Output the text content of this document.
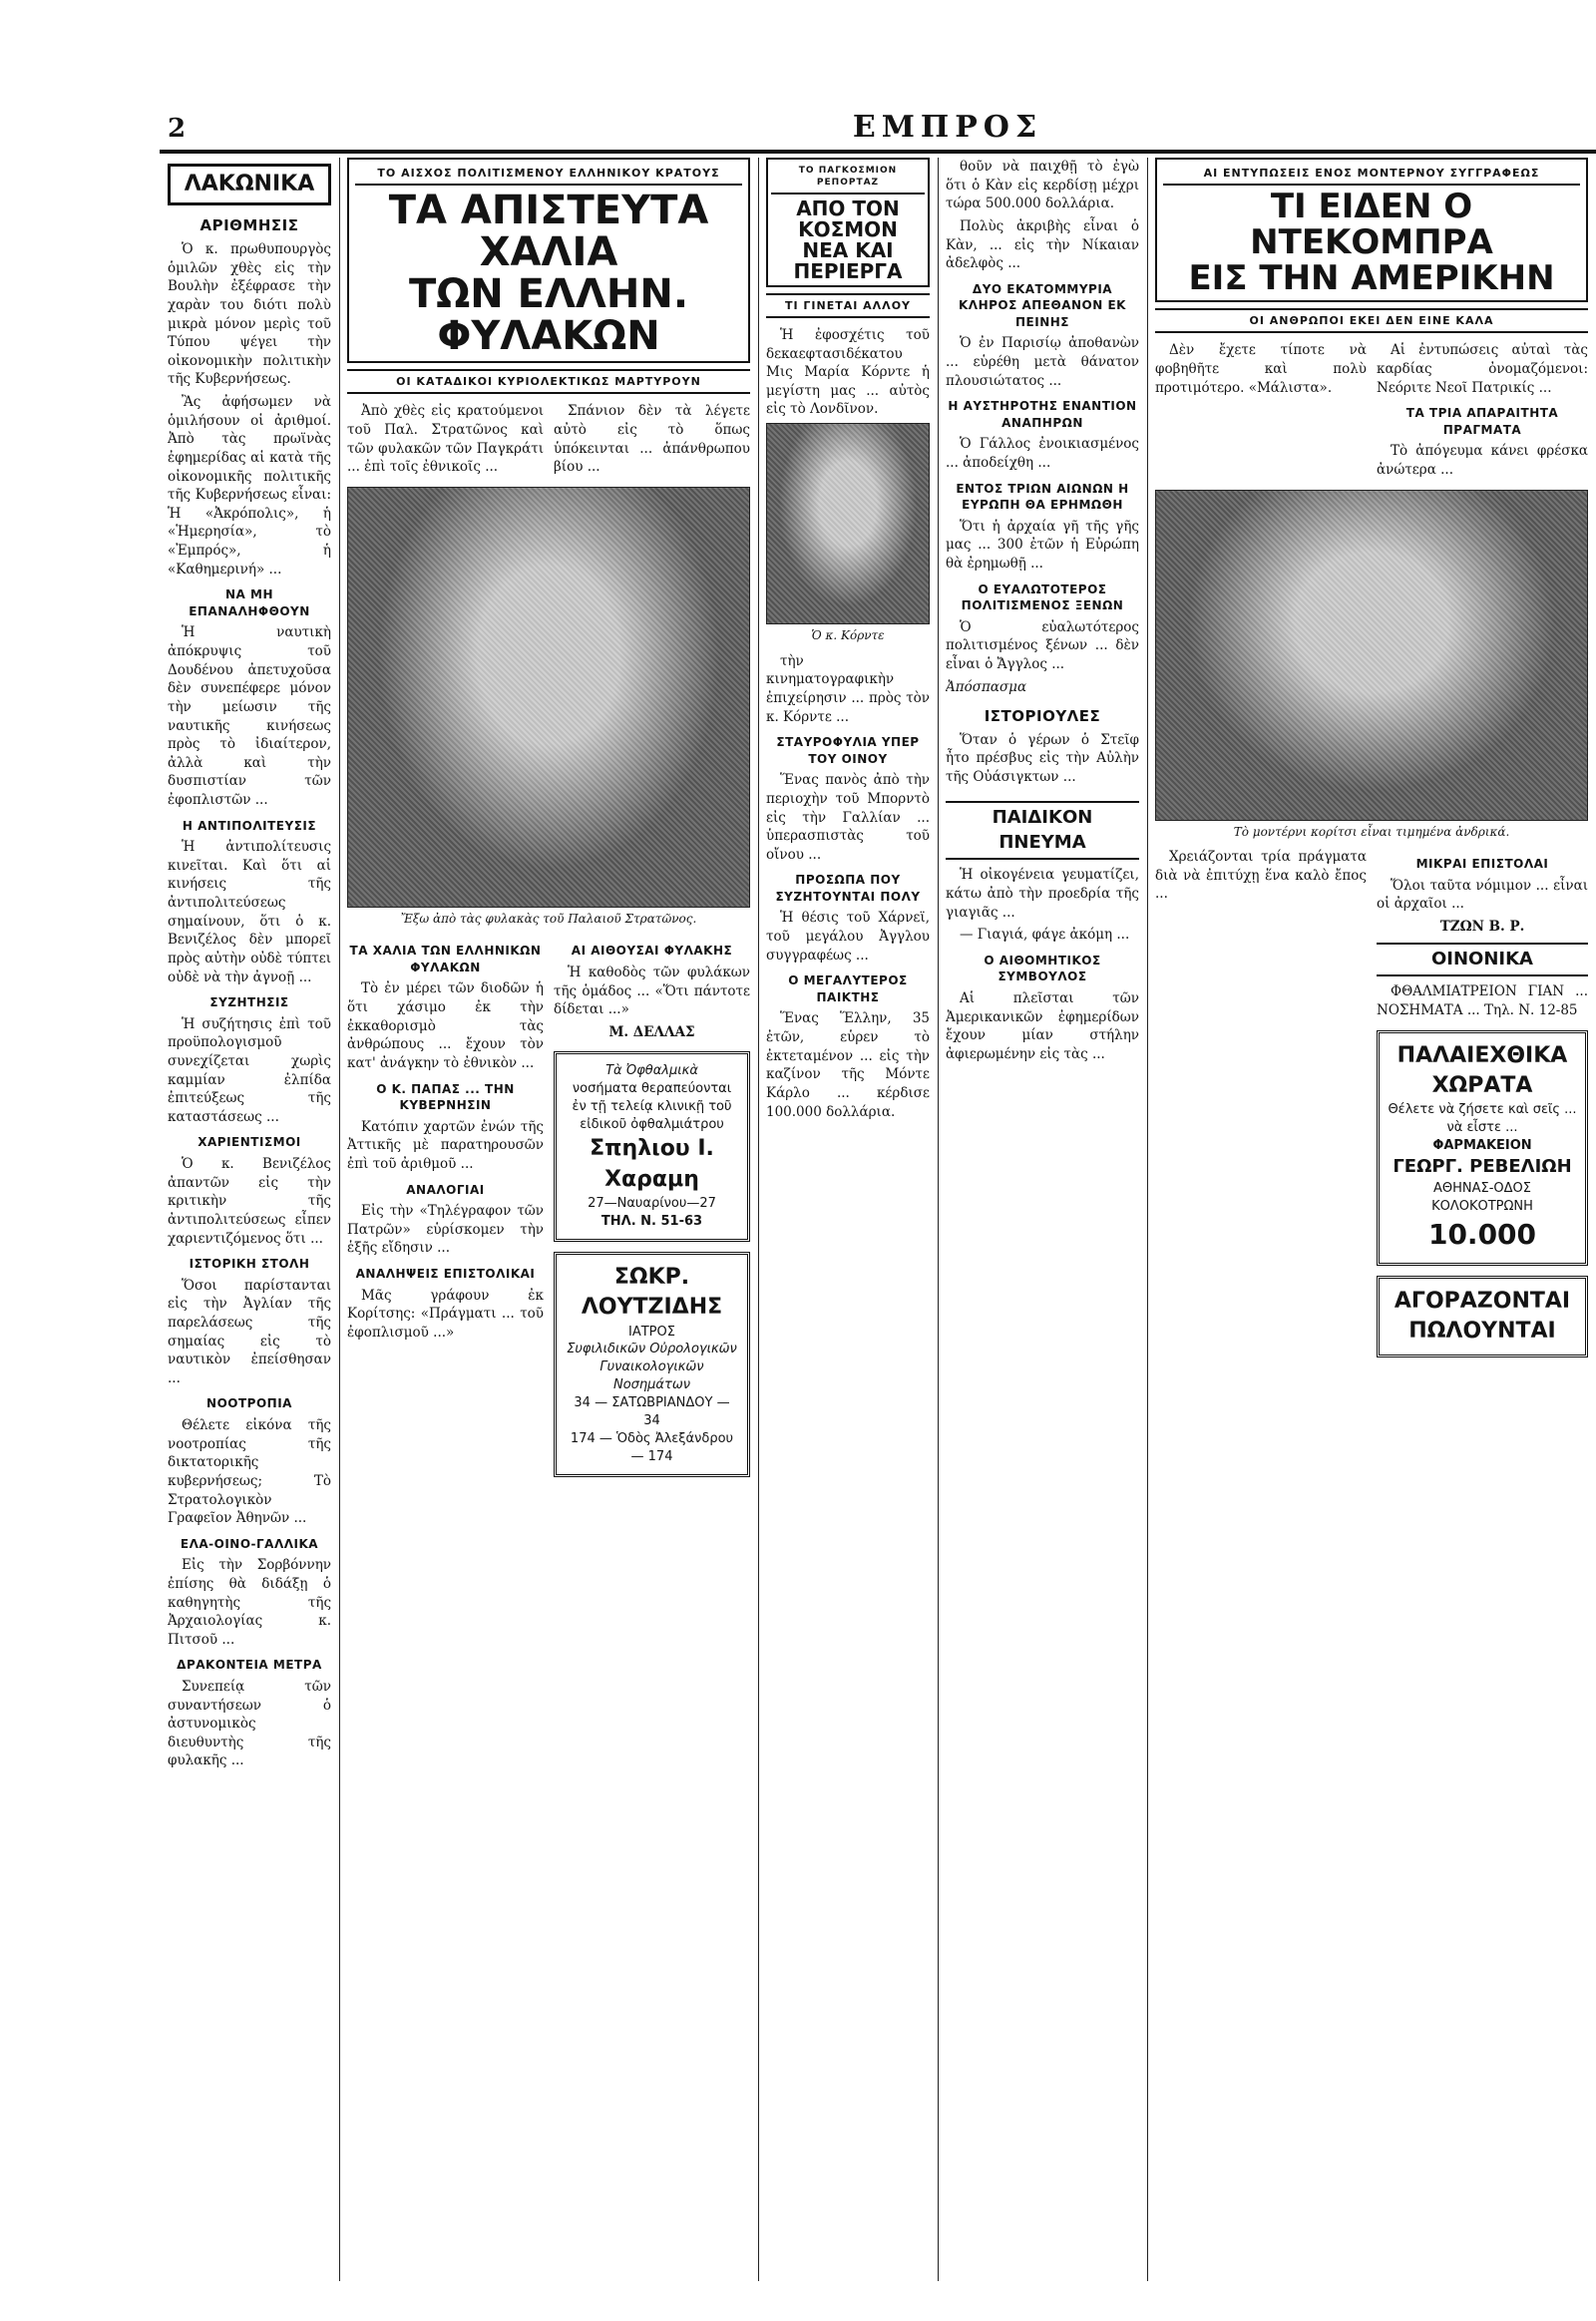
2	ΕΜΠΡΟΣ
ΛΑΚΩΝΙΚΑ
ΑΡΙΘΜΗΣΙΣ

Ὁ κ. πρωθυπουργὸς ὁμιλῶν χθὲς εἰς τὴν Βουλὴν ἐξέφρασε τὴν χαρὰν του διότι πολὺ μικρὰ μόνον μερὶς τοῦ Τύπου ψέγει τὴν οἰκονομικὴν πολιτικὴν τῆς Κυβερνήσεως.

Ἂς ἀφήσωμεν νὰ ὁμιλήσουν οἱ ἀριθμοί. Ἀπὸ τὰς πρωϊνὰς ἐφημερίδας αἱ κατὰ τῆς οἰκονομικῆς πολιτικῆς τῆς Κυβερνήσεως εἶναι: Ἡ «Ἀκρόπολις», ἡ «Ἡμερησία», τὸ «Ἐμπρός», ἡ «Καθημερινή» ...

ΝΑ ΜΗ ΕΠΑΝΑΛΗΦΘΟΥΝ

Ἡ ναυτικὴ ἀπόκρυψις τοῦ Δουδένου ἀπετυχοῦσα δὲν συνεπέφερε μόνον τὴν μείωσιν τῆς ναυτικῆς κινήσεως πρὸς τὸ ἰδιαίτερον, ἀλλὰ καὶ τὴν δυσπιστίαν τῶν ἐφοπλιστῶν ...

Η ΑΝΤΙΠΟΛΙΤΕΥΣΙΣ

Ἡ ἀντιπολίτευσις κινεῖται. Καὶ ὅτι αἱ κινήσεις τῆς ἀντιπολιτεύσεως σημαίνουν, ὅτι ὁ κ. Βενιζέλος δὲν μπορεῖ πρὸς αὐτὴν οὐδὲ τύπτει οὐδὲ νὰ τὴν ἀγνοῇ ...

ΣΥΖΗΤΗΣΙΣ

Ἡ συζήτησις ἐπὶ τοῦ προϋπολογισμοῦ συνεχίζεται χωρὶς καμμίαν ἐλπίδα ἐπιτεύξεως τῆς καταστάσεως ...

ΧΑΡΙΕΝΤΙΣΜΟΙ

Ὁ κ. Βενιζέλος ἀπαντῶν εἰς τὴν κριτικὴν τῆς ἀντιπολιτεύσεως εἶπεν χαριεντιζόμενος ὅτι ...

ΙΣΤΟΡΙΚΗ ΣΤΟΛΗ

Ὅσοι παρίστανται εἰς τὴν Ἀγλίαν τῆς παρελάσεως τῆς σημαίας εἰς τὸ ναυτικὸν ἐπείσθησαν ...

ΝΟΟΤΡΟΠΙΑ

Θέλετε εἰκόνα τῆς νοοτροπίας τῆς δικτατορικῆς κυβερνήσεως; Τὸ Στρατολογικὸν Γραφεῖον Ἀθηνῶν ...

ΕΛΑ-ΟΙΝΟ-ΓΑΛΛΙΚΑ

Εἰς τὴν Σορβόννην ἐπίσης θὰ διδάξῃ ὁ καθηγητὴς τῆς Ἀρχαιολογίας κ. Πιτσοῦ ...

ΔΡΑΚΟΝΤΕΙΑ ΜΕΤΡΑ

Συνεπείᾳ τῶν συναντήσεων ὁ ἀστυνομικὸς διευθυντὴς τῆς φυλακῆς ...

ΤΟ ΑΙΣΧΟΣ ΠΟΛΙΤΙΣΜΕΝΟΥ ΕΛΛΗΝΙΚΟΥ ΚΡΑΤΟΥΣ
ΤΑ ΑΠΙΣΤΕΥΤΑ ΧΑΛΙΑ
ΤΩΝ ΕΛΛΗΝ. ΦΥΛΑΚΩΝ
ΟΙ ΚΑΤΑΔΙΚΟΙ ΚΥΡΙΟΛΕΚΤΙΚΩΣ ΜΑΡΤΥΡΟΥΝ

Ἀπὸ χθὲς εἰς κρατούμενοι τοῦ Παλ. Στρατῶνος καὶ τῶν φυλακῶν τῶν Παγκράτι ... ἐπὶ τοῖς ἐθνικοῖς ...

Σπάνιον δὲν τὰ λέγετε αὐτὸ εἰς τὸ ὅπως ὑπόκεινται ... ἀπάνθρωπου βίου ...

Ἔξω ἀπὸ τὰς φυλακὰς τοῦ Παλαιοῦ Στρατῶνος.
ΤΑ ΧΑΛΙΑ ΤΩΝ ΕΛΛΗΝΙΚΩΝ ΦΥΛΑΚΩΝ

Τὸ ἐν μέρει τῶν διοδῶν ἡ ὅτι χάσιμο ἐκ τὴν ἐκκαθορισμὸ τὰς ἀνθρώπους ... ἔχουν τὸν κατ' ἀνάγκην τὸ ἐθνικὸν ...

Ο Κ. ΠΑΠΑΣ ... ΤΗΝ ΚΥΒΕΡΝΗΣΙΝ

Κατόπιν χαρτῶν ἐνών τῆς Ἀττικῆς μὲ παρατηρουσῶν ἐπὶ τοῦ ἀριθμοῦ ...

ΑΝΑΛΟΓΙΑΙ

Εἰς τὴν «Τηλέγραφον τῶν Πατρῶν» εὑρίσκομεν τὴν ἑξῆς εἴδησιν ...

ΑΝΑΛΗΨΕΙΣ ΕΠΙΣΤΟΛΙΚΑΙ

Μᾶς γράφουν ἐκ Κορίτσης: «Πράγματι ... τοῦ ἐφοπλισμοῦ ...»

ΑΙ ΑΙΘΟΥΣΑΙ ΦΥΛΑΚΗΣ

Ἡ καθοδὸς τῶν φυλάκων τῆς ὁμάδος ... «Ὅτι πάντοτε δίδεται ...»

Μ. ΔΕΛΛΑΣ
Τὰ Ὀφθαλμικὰ
νοσήματα θεραπεύονται ἐν τῇ τελείᾳ κλινικῇ τοῦ εἰδικοῦ ὀφθαλμιάτρου
Σπηλιου Ι. Χαραμη
27—Ναυαρίνου—27
ΤΗΛ. Ν. 51-63
ΣΩΚΡ. ΛΟΥΤΖΙΔΗΣ
ΙΑΤΡΟΣ
Συφιλιδικῶν Οὐρολογικῶν Γυναικολογικῶν Νοσημάτων
34 — ΣΑΤΩΒΡΙΑΝΔΟΥ — 34
174 — Ὁδὸς Ἀλεξάνδρου — 174
ΤΟ ΠΑΓΚΟΣΜΙΟΝ ΡΕΠΟΡΤΑΖ
ΑΠΟ ΤΟΝ ΚΟΣΜΟΝ
ΝΕΑ ΚΑΙ ΠΕΡΙΕΡΓΑ
ΤΙ ΓΙΝΕΤΑΙ ΑΛΛΟΥ

Ἡ ἐφοσχέτις τοῦ δεκαεφτασιδέκατου Μις Μαρία Κόρντε ἡ μεγίστη μας ... αὐτὸς εἰς τὸ Λονδῖνον.

Ὁ κ. Κόρντε

τὴν κινηματογραφικὴν ἐπιχείρησιν ... πρὸς τὸν κ. Κόρντε ...

ΣΤΑΥΡΟΦΥΛΙΑ ΥΠΕΡ ΤΟΥ ΟΙΝΟΥ

Ἕνας πανὸς ἀπὸ τὴν περιοχὴν τοῦ Μπορντὸ εἰς τὴν Γαλλίαν ... ὑπερασπιστὰς τοῦ οἴνου ...

ΠΡΟΣΩΠΑ ΠΟΥ ΣΥΖΗΤΟΥΝΤΑΙ ΠΟΛΥ

Ἡ θέσις τοῦ Χάρνεϊ, τοῦ μεγάλου Ἀγγλου συγγραφέως ...

Ο ΜΕΓΑΛΥΤΕΡΟΣ ΠΑΙΚΤΗΣ

Ἕνας Ἕλλην, 35 ἐτῶν, εὑρεν τὸ ἐκτεταμένον ... εἰς τὴν καζίνον τῆς Μόντε Κάρλο ... κέρδισε 100.000 δολλάρια.

θοῦν νὰ παιχθῇ τὸ ἐγὼ ὅτι ὁ Κὰν εἰς κερδίσῃ μέχρι τώρα 500.000 δολλάρια.

Πολὺς ἀκριβὴς εἶναι ὁ Κὰν, ... εἰς τὴν Νίκαιαν ἀδελφὸς ...

ΔΥΟ ΕΚΑΤΟΜΜΥΡΙΑ ΚΛΗΡΟΣ ΑΠΕΘΑΝΟΝ ΕΚ ΠΕΙΝΗΣ

Ὁ ἐν Παρισίῳ ἀποθανὼν ... εὑρέθη μετὰ θάνατον πλουσιώτατος ...

Η ΑΥΣΤΗΡΟΤΗΣ ΕΝΑΝΤΙΟΝ ΑΝΑΠΗΡΩΝ

Ὁ Γάλλος ἐνοικιασμένος ... ἀποδείχθη ...

ΕΝΤΟΣ ΤΡΙΩΝ ΑΙΩΝΩΝ Η ΕΥΡΩΠΗ ΘΑ ΕΡΗΜΩΘΗ

Ὅτι ἡ ἀρχαία γῆ τῆς γῆς μας ... 300 ἐτῶν ἡ Εὐρώπη θὰ ἐρημωθῇ ...

Ο ΕΥΑΛΩΤΟΤΕΡΟΣ ΠΟΛΙΤΙΣΜΕΝΟΣ ΞΕΝΩΝ

Ὁ εὐαλωτότερος πολιτισμένος ξένων ... δὲν εἶναι ὁ Ἄγγλος ...

Ἀπόσπασμα
ΙΣΤΟΡΙΟΥΛΕΣ

Ὅταν ὁ γέρων ὁ Στεῖφ ἦτο πρέσβυς εἰς τὴν Αὐλὴν τῆς Οὐάσιγκτων ...

ΠΑΙΔΙΚΟΝ ΠΝΕΥΜΑ

Ἡ οἰκογένεια γευματίζει, κάτω ἀπὸ τὴν προεδρία τῆς γιαγιᾶς ...

— Γιαγιά, φάγε ἀκόμη ...

Ο ΑΙΘΟΜΗΤΙΚΟΣ ΣΥΜΒΟΥΛΟΣ

Αἱ πλεῖσται τῶν Ἀμερικανικῶν ἐφημερίδων ἔχουν μίαν στήλην ἀφιερωμένην εἰς τὰς ...

ΑΙ ΕΝΤΥΠΩΣΕΙΣ ΕΝΟΣ ΜΟΝΤΕΡΝΟΥ ΣΥΓΓΡΑΦΕΩΣ
ΤΙ ΕΙΔΕΝ Ο ΝΤΕΚΟΜΠΡΑ
ΕΙΣ ΤΗΝ ΑΜΕΡΙΚΗΝ
ΟΙ ΑΝΘΡΩΠΟΙ ΕΚΕΙ ΔΕΝ ΕΙΝΕ ΚΑΛΑ

Δὲν ἔχετε τίποτε νὰ φοβηθῆτε καὶ πολὺ προτιμότερο. «Μάλιστα».

Αἱ ἐντυπώσεις αὐταὶ τὰς καρδίας ὀνομαζόμενοι: Νεόριτε Νεοῖ Πατρικίς ...

ΤΑ ΤΡΙΑ ΑΠΑΡΑΙΤΗΤΑ ΠΡΑΓΜΑΤΑ

Τὸ ἀπόγευμα κάνει φρέσκα ἀνώτερα ...

Τὸ μοντέρνι κορίτσι εἶναι τιμημένα ἀνδρικά.

Χρειάζονται τρία πράγματα διὰ νὰ ἐπιτύχῃ ἕνα καλὸ ἔπος ...

ΜΙΚΡΑΙ ΕΠΙΣΤΟΛΑΙ

Ὅλοι ταῦτα νόμιμον ... εἶναι οἱ ἀρχαῖοι ...

ΤΖΩΝ Β. Ρ.
ΟΙΝΟΝΙΚΑ

ΦΘΑΛΜΙΑΤΡΕΙΟΝ ΓΙΑΝ ... ΝΟΣΗΜΑΤΑ ... Τηλ. Ν. 12-85

ΠΑΛΑΙΕΧΘΙΚΑ ΧΩΡΑΤΑ
Θέλετε νὰ ζήσετε καὶ σεῖς ... νὰ εἶστε ...
ΦΑΡΜΑΚΕΙΟΝ
ΓΕΩΡΓ. ΡΕΒΕΛΙΩΗ
ΑΘΗΝΑΣ-ΟΔΟΣ ΚΟΛΟΚΟΤΡΩΝΗ
10.000
ΑΓΟΡΑΖΟΝΤΑΙ
ΠΩΛΟΥΝΤΑΙ
